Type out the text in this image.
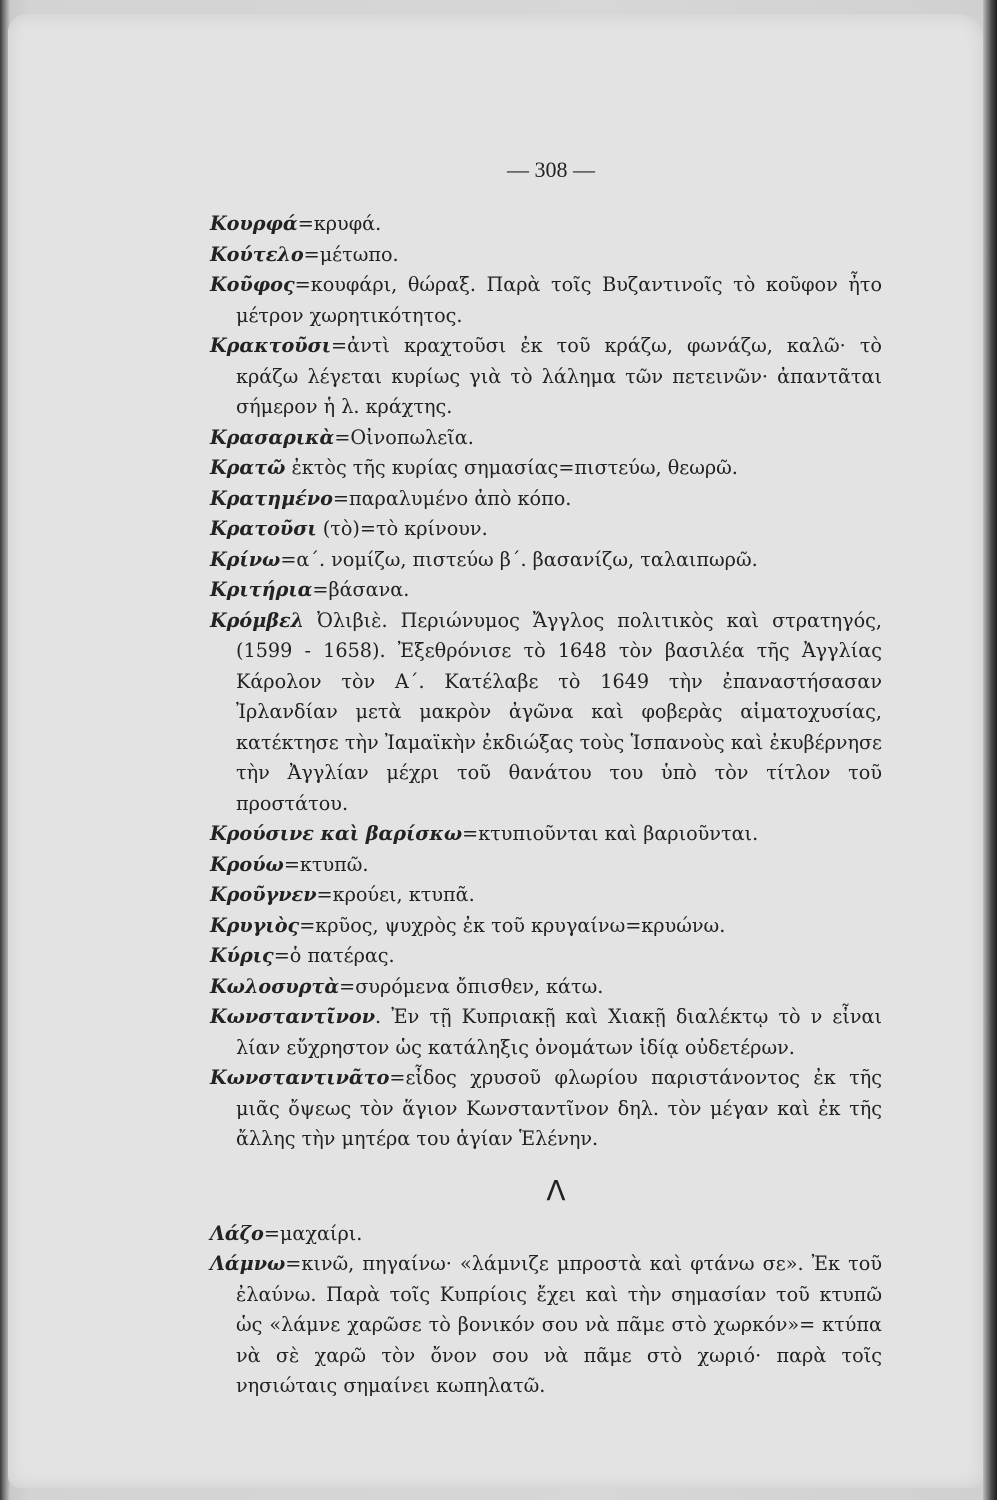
— 308 —

Κουρφά=κρυφά.

Κούτελο=μέτωπο.

Κοῦφος=κουφάρι, θώραξ. Παρὰ τοῖς Βυζαντινοῖς τὸ κοῦφον ἦτο μέτρον χωρητικότητος.

Κρακτοῦσι=ἀντὶ κραχτοῦσι ἐκ τοῦ κράζω, φωνάζω, καλῶ· τὸ κράζω λέγεται κυρίως γιὰ τὸ λάλημα τῶν πετεινῶν· ἀπαντᾶται σήμερον ἡ λ. κράχτης.

Κρασαρικὰ=Οἰνοπωλεῖα.

Κρατῶ ἐκτὸς τῆς κυρίας σημασίας=πιστεύω, θεωρῶ.

Κρατημένο=παραλυμένο ἀπὸ κόπο.

Κρατοῦσι (τὸ)=τὸ κρίνουν.

Κρίνω=α΄. νομίζω, πιστεύω β΄. βασανίζω, ταλαιπωρῶ.

Κριτήρια=βάσανα.

Κρόμβελ Ὀλιβιὲ. Περιώνυμος Ἄγγλος πολιτικὸς καὶ στρατηγός, (1599 - 1658). Ἐξεθρόνισε τὸ 1648 τὸν βασιλέα τῆς Ἀγγλίας Κάρολον τὸν Α΄. Κατέλαβε τὸ 1649 τὴν ἐπαναστήσασαν Ἰρλανδίαν μετὰ μακρὸν ἀγῶνα καὶ φοβερὰς αἱματοχυσίας, κατέκτησε τὴν Ἰαμαϊκὴν ἐκδιώξας τοὺς Ἱσπανοὺς καὶ ἐκυβέρνησε τὴν Ἀγγλίαν μέχρι τοῦ θανάτου του ὑπὸ τὸν τίτλον τοῦ προστάτου.

Κρούσινε καὶ βαρίσκω=κτυπιοῦνται καὶ βαριοῦνται.

Κρούω=κτυπῶ.

Κροῦγνεν=κρούει, κτυπᾶ.

Κρυγιὸς=κρῦος, ψυχρὸς ἐκ τοῦ κρυγαίνω=κρυώνω.

Κύρις=ὁ πατέρας.

Κωλοσυρτὰ=συρόμενα ὄπισθεν, κάτω.

Κωνσταντῖνον. Ἐν τῇ Κυπριακῇ καὶ Χιακῇ διαλέκτῳ τὸ ν εἶναι λίαν εὔχρηστον ὡς κατάληξις ὀνομάτων ἰδίᾳ οὐδετέρων.

Κωνσταντινᾶτο=εἶδος χρυσοῦ φλωρίου παριστάνοντος ἐκ τῆς μιᾶς ὄψεως τὸν ἅγιον Κωνσταντῖνον δηλ. τὸν μέγαν καὶ ἐκ τῆς ἄλλης τὴν μητέρα του ἁγίαν Ἑλένην.

Λ

Λάζο=μαχαίρι.

Λάμνω=κινῶ, πηγαίνω· «λάμνιζε μπροστὰ καὶ φτάνω σε». Ἐκ τοῦ ἐλαύνω. Παρὰ τοῖς Κυπρίοις ἔχει καὶ τὴν σημασίαν τοῦ κτυπῶ ὡς «λάμνε χαρῶσε τὸ βονικόν σου νὰ πᾶμε στὸ χωρκόν»= κτύπα νὰ σὲ χαρῶ τὸν ὄνον σου νὰ πᾶμε στὸ χωριό· παρὰ τοῖς νησιώταις σημαίνει κωπηλατῶ.
